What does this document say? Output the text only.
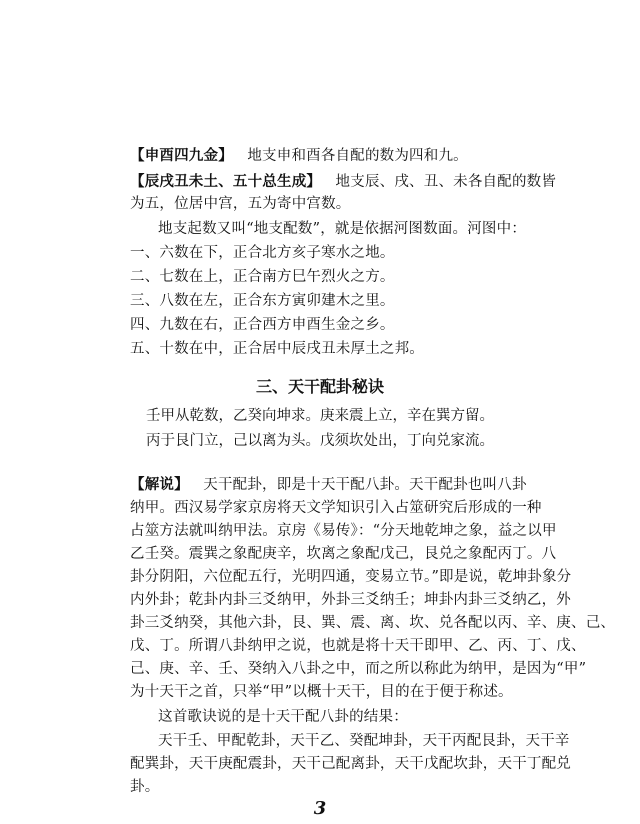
【申酉四九金】 地支申和酉各自配的数为四和九。
【辰戌丑未土、五十总生成】 地支辰、戌、丑、未各自配的数皆
为五，位居中宫，五为寄中宫数。
地支起数又叫“地支配数”，就是依据河图数面。河图中：
一、六数在下，正合北方亥子寒水之地。
二、七数在上，正合南方巳午烈火之方。
三、八数在左，正合东方寅卯建木之里。
四、九数在右，正合西方申酉生金之乡。
五、十数在中，正合居中辰戌丑未厚土之邦。
三、天干配卦秘诀
壬甲从乾数，乙癸向坤求。庚来震上立，辛在巽方留。
丙于艮门立，己以离为头。戊须坎处出，丁向兑家流。
【解说】 天干配卦，即是十天干配八卦。天干配卦也叫八卦
纳甲。西汉易学家京房将天文学知识引入占筮研究后形成的一种
占筮方法就叫纳甲法。京房《易传》：“分天地乾坤之象，益之以甲
乙壬癸。震巽之象配庚辛，坎离之象配戊己，艮兑之象配丙丁。八
卦分阴阳，六位配五行，光明四通，变易立节。”即是说，乾坤卦象分
内外卦；乾卦内卦三爻纳甲，外卦三爻纳壬；坤卦内卦三爻纳乙，外
卦三爻纳癸，其他六卦，艮、巽、震、离、坎、兑各配以丙、辛、庚、己、
戊、丁。所谓八卦纳甲之说，也就是将十天干即甲、乙、丙、丁、戊、
己、庚、辛、壬、癸纳入八卦之中，而之所以称此为纳甲，是因为“甲”
为十天干之首，只举“甲”以概十天干，目的在于便于称述。
这首歌诀说的是十天干配八卦的结果：
天干壬、甲配乾卦，天干乙、癸配坤卦，天干丙配艮卦，天干辛
配巽卦，天干庚配震卦，天干己配离卦，天干戊配坎卦，天干丁配兑
卦。
3
